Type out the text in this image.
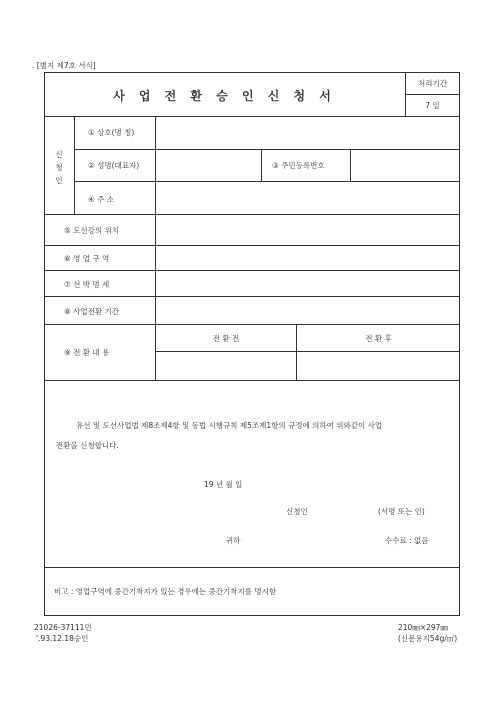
. [별지 제7호 서식]
사 업 전 환 승 인 신 청 서
처리기간
7 일
신
청
인
① 상호(명 칭)
② 성명(대표자)	③ 주민등록번호
④ 주 소
⑤ 도선강의 위치
⑥ 영 업 구 역
⑦ 선 박 명 세
⑧ 사업전환 기간
⑨ 전 환 내 용
전 환 전	전 환 후
유선 및 도선사업법 제8조제4항 및 동법 시행규칙 제5조제1항의 규정에 의하여 위와같이 사업
전환을 신청합니다.
19 년 월 일
신청인	(서명 또는 인)
귀하	수수료 : 없음
비고 : 영업구역에 중간기착지가 있는 경우에는 중간기착지를 명시함
21026-37111민
'.93.12.18승인
210㎜×297㎜
(신문용지54g/㎡)
